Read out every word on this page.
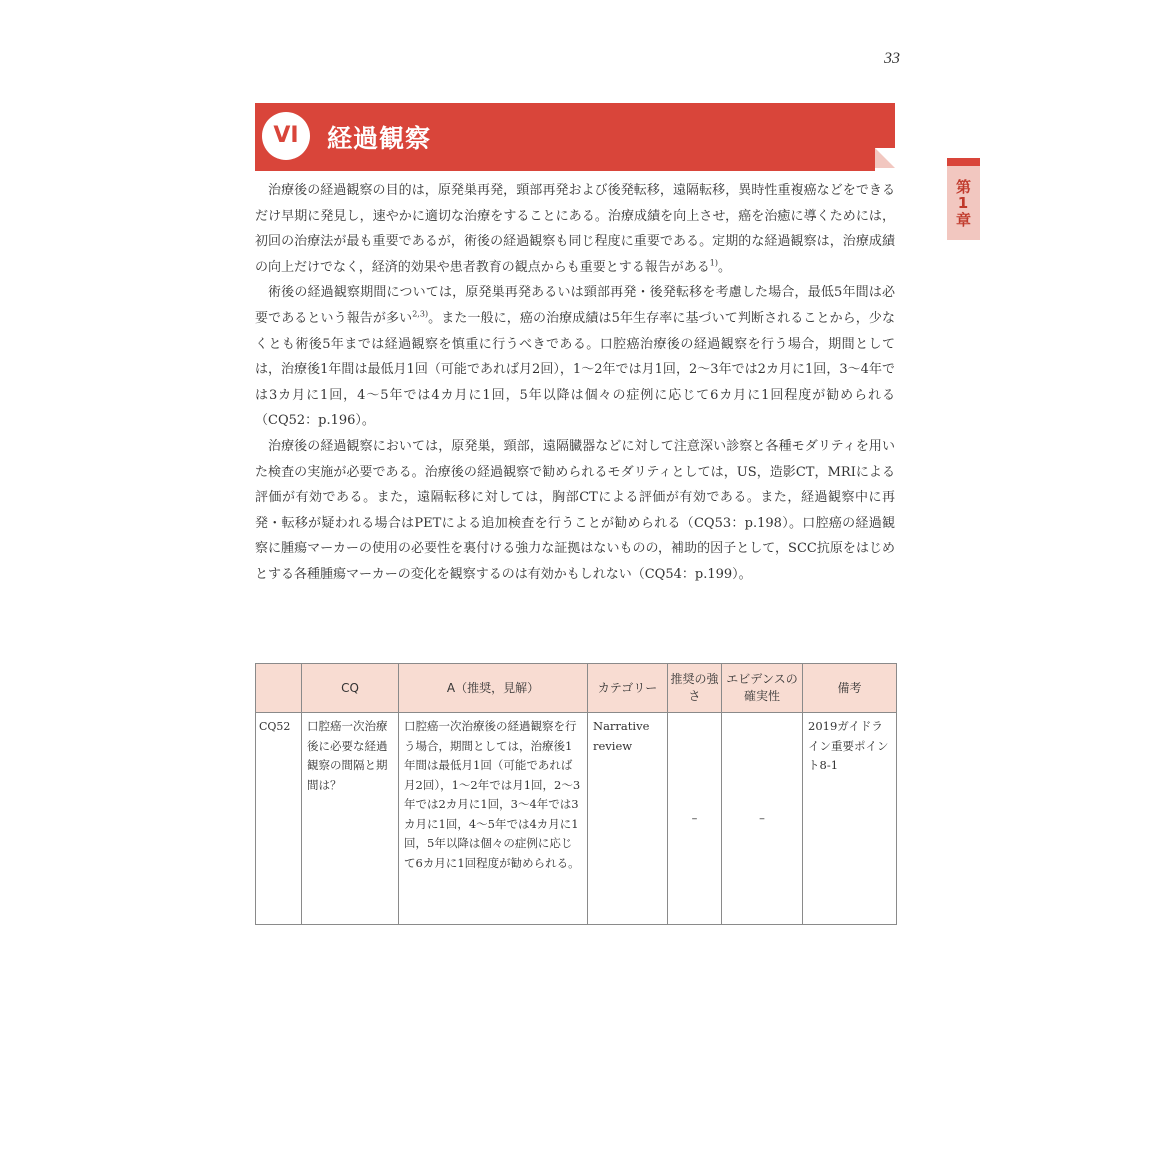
33
VI	経過観察
第1章

治療後の経過観察の目的は，原発巣再発，頸部再発および後発転移，遠隔転移，異時性重複癌などをできるだけ早期に発見し，速やかに適切な治療をすることにある。治療成績を向上させ，癌を治癒に導くためには，初回の治療法が最も重要であるが，術後の経過観察も同じ程度に重要である。定期的な経過観察は，治療成績の向上だけでなく，経済的効果や患者教育の観点からも重要とする報告がある$^{1)}$。

術後の経過観察期間については，原発巣再発あるいは頸部再発・後発転移を考慮した場合，最低5年間は必要であるという報告が多い$^{2,3)}$。また一般に，癌の治療成績は5年生存率に基づいて判断されることから，少なくとも術後5年までは経過観察を慎重に行うべきである。口腔癌治療後の経過観察を行う場合，期間としては，治療後1年間は最低月1回（可能であれば月2回），1〜2年では月1回，2〜3年では2カ月に1回，3〜4年では3カ月に1回，4〜5年では4カ月に1回，5年以降は個々の症例に応じて6カ月に1回程度が勧められる（CQ52：p.196）。

治療後の経過観察においては，原発巣，頸部，遠隔臓器などに対して注意深い診察と各種モダリティを用いた検査の実施が必要である。治療後の経過観察で勧められるモダリティとしては，US，造影CT，MRIによる評価が有効である。また，遠隔転移に対しては，胸部CTによる評価が有効である。また，経過観察中に再発・転移が疑われる場合はPETによる追加検査を行うことが勧められる（CQ53：p.198）。口腔癌の経過観察に腫瘍マーカーの使用の必要性を裏付ける強力な証拠はないものの，補助的因子として，SCC抗原をはじめとする各種腫瘍マーカーの変化を観察するのは有効かもしれない（CQ54：p.199）。

	CQ	A（推奨，見解）	カテゴリー	推奨の強さ	エビデンスの確実性	備考
CQ52	口腔癌一次治療後に必要な経過観察の間隔と期間は？	口腔癌一次治療後の経過観察を行う場合，期間としては，治療後1年間は最低月1回（可能であれば月2回），1〜2年では月1回，2〜3年では2カ月に1回，3〜4年では3カ月に1回，4〜5年では4カ月に1回，5年以降は個々の症例に応じて6カ月に1回程度が勧められる。	Narrative review	–	–	2019ガイドライン重要ポイント8-1
